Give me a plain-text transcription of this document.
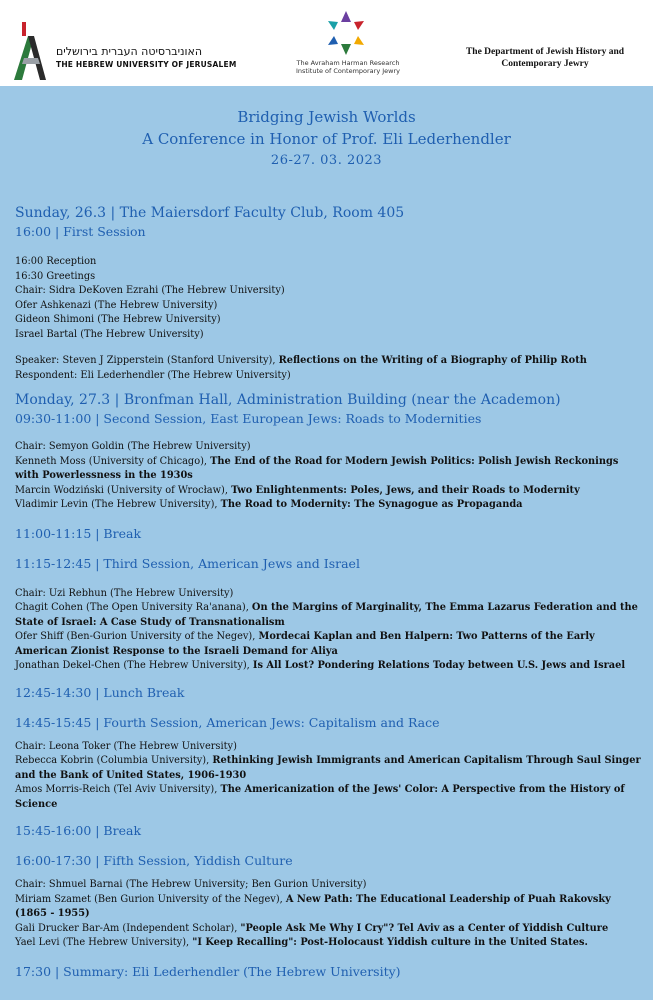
האוניברסיטה העברית בירושלים
THE HEBREW UNIVERSITY OF JERUSALEM	The Avraham Harman Research
Institute of Contemporary Jewry
The Department of Jewish History and
Contemporary Jewry
Bridging Jewish Worlds
A Conference in Honor of Prof. Eli Lederhendler
26-27. 03. 2023

Sunday, 26.3 | The Maiersdorf Faculty Club, Room 405

16:00 | First Session

16:00 Reception

16:30 Greetings

Chair: Sidra DeKoven Ezrahi (The Hebrew University)

Ofer Ashkenazi (The Hebrew University)

Gideon Shimoni (The Hebrew University)

Israel Bartal (The Hebrew University)

Speaker: Steven J Zipperstein (Stanford University), Reflections on the Writing of a Biography of Philip Roth

Respondent: Eli Lederhendler (The Hebrew University)

Monday, 27.3 | Bronfman Hall, Administration Building (near the Academon)

09:30-11:00 | Second Session, East European Jews: Roads to Modernities

Chair: Semyon Goldin (The Hebrew University)

Kenneth Moss (University of Chicago), The End of the Road for Modern Jewish Politics: Polish Jewish Reckonings with Powerlessness in the 1930s

Marcin Wodziński (University of Wrocław), Two Enlightenments: Poles, Jews, and their Roads to Modernity

Vladimir Levin (The Hebrew University), The Road to Modernity: The Synagogue as Propaganda

11:00-11:15 | Break

11:15-12:45 | Third Session, American Jews and Israel

Chair: Uzi Rebhun (The Hebrew University)

Chagit Cohen (The Open University Ra'anana), On the Margins of Marginality, The Emma Lazarus Federation and the State of Israel: A Case Study of Transnationalism

Ofer Shiff (Ben-Gurion University of the Negev), Mordecai Kaplan and Ben Halpern: Two Patterns of the Early American Zionist Response to the Israeli Demand for Aliya

Jonathan Dekel-Chen (The Hebrew University), Is All Lost? Pondering Relations Today between U.S. Jews and Israel

12:45-14:30 | Lunch Break

14:45-15:45 | Fourth Session, American Jews: Capitalism and Race

Chair: Leona Toker (The Hebrew University)

Rebecca Kobrin (Columbia University), Rethinking Jewish Immigrants and American Capitalism Through Saul Singer and the Bank of United States, 1906-1930

Amos Morris-Reich (Tel Aviv University), The Americanization of the Jews' Color: A Perspective from the History of Science

15:45-16:00 | Break

16:00-17:30 | Fifth Session, Yiddish Culture

Chair: Shmuel Barnai (The Hebrew University; Ben Gurion University)

Miriam Szamet (Ben Gurion University of the Negev), A New Path: The Educational Leadership of Puah Rakovsky (1865 - 1955)

Gali Drucker Bar-Am (Independent Scholar), "People Ask Me Why I Cry"? Tel Aviv as a Center of Yiddish Culture

Yael Levi (The Hebrew University), "I Keep Recalling": Post-Holocaust Yiddish culture in the United States.

17:30 | Summary: Eli Lederhendler (The Hebrew University)
